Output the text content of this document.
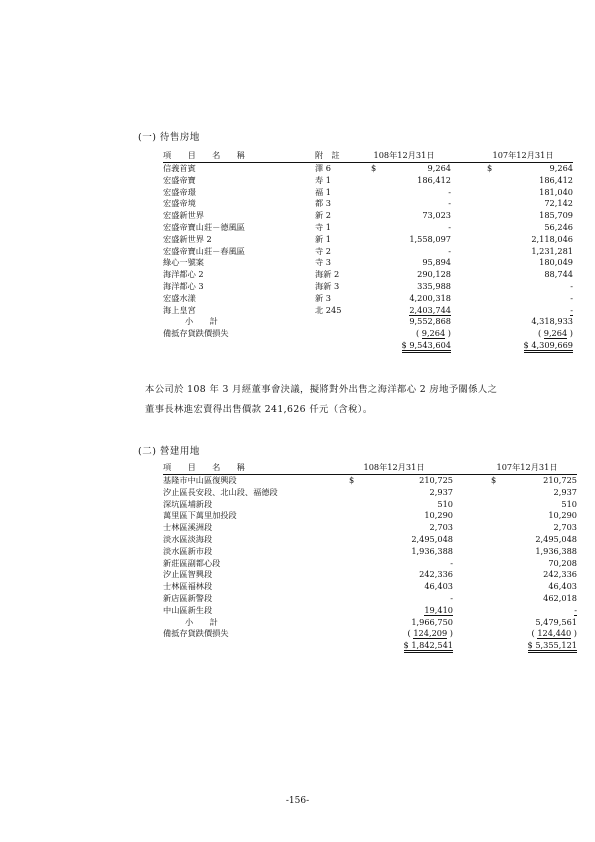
(一) 待售房地
項　　目　　名　　稱	附　註	108年12月31日		107年12月31日
信義首賓	澤 6	$ 9,264		$ 9,264
宏盛帝寶	寿 1	186,412		186,412
宏盛帝璟	福 1	-		181,040
宏盛帝境	都 3	-		72,142
宏盛新世界	新 2	73,023		185,709
宏盛帝寶山莊－德風區	寺 1	-		56,246
宏盛新世界 2	新 1	1,558,097		2,118,046
宏盛帝寶山莊－春風區	寺 2	-		1,231,281
綠心一號案	寺 3	95,894		180,049
海洋都心 2	海新 2	290,128		88,744
海洋都心 3	海新 3	335,988		-
宏盛水漾	新 3	4,200,318		-
海上皇宮	北 245	2,403,744		-
小　　計		9,552,868		4,318,933
備抵存貨跌價損失		( 9,264 )		( 9,264 )
		$ 9,543,604		$ 4,309,669
本公司於 108 年 3 月經董事會決議，擬將對外出售之海洋都心 2 房地予關係人之董事長林進宏賣得出售價款 241,626 仟元（含稅）。
(二) 營建用地
項　　目　　名　　稱	108年12月31日		107年12月31日
基隆市中山區復興段	$ 210,725		$ 210,725
汐止區長安段、北山段、福德段	2,937		2,937
深坑區埔新段	510		510
萬里區下萬里加投段	10,290		10,290
士林區溪洲段	2,703		2,703
淡水區淡海段	2,495,048		2,495,048
淡水區新市段	1,936,388		1,936,388
新莊區副都心段	-		70,208
汐止區智興段	242,336		242,336
士林區福林段	46,403		46,403
新店區新警段	-		462,018
中山區新生段	19,410		-
小　　計	1,966,750		5,479,561
備抵存貨跌價損失	( 124,209 )		( 124,440 )
	$ 1,842,541		$ 5,355,121
-156-
